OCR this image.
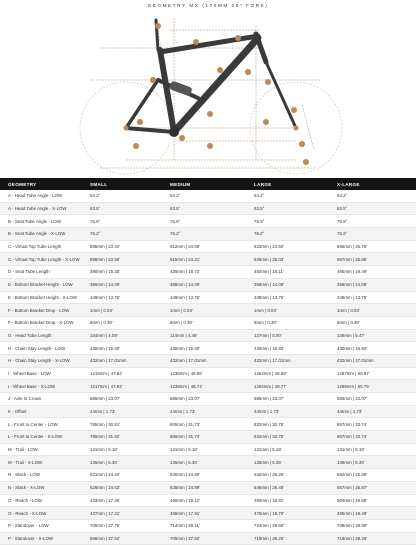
GEOMETRY MX (170MM 29" FORK)
GEOMETRY	SMALL	MEDIUM	LARGE	X-LARGE
A - Head Tube Angle - LOW	64.2°	64.2°	64.2°	64.2°
A - Head Tube Angle - X-LOW	63.5°	63.5°	63.5°	63.5°
B - Seat Tube Angle - LOW	76.9°	76.9°	76.9°	76.9°
B - Seat Tube Angle - X-LOW	76.2°	76.2°	76.2°	76.2°
C - Virtual Top Tube Length	595mm | 23.44'	612mm | 24.09'	633mm | 24.92'	656mm | 25.76'
C - Virtual Top Tube Length - X-LOW	598mm | 23.55'	615mm | 24.21'	636mm | 25.03'	657mm | 25.86'
D - Seat Tube Length	390mm | 15.35'	425mm | 16.73'	460mm | 18.11'	495mm | 19.49'
E - Bottom Bracket Height - LOW	356mm | 14.09'	358mm | 14.09'	358mm | 14.09'	358mm | 14.09'
E - Bottom Bracket Height - X-LOW	349mm | 13.75'	349mm | 13.75'	349mm | 13.75'	349mm | 13.75'
F - Bottom Bracket Drop - LOW	1mm | 0.04'	1mm | 0.04'	1mm | 0.04'	1mm | 0.04'
F - Bottom Bracket Drop - X-LOW	8mm | 0.30'	8mm | 0.30'	8mm | 0.30'	8mm | 0.30'
G - Head Tube Length	104mm | 4.09'	114mm | 4.49'	127mm | 5.00'	139mm | 5.47'
H - Chain Stay Length - LOW	430mm | 16.93'	430mm | 16.93'	430mm | 16.93'	430mm | 16.93'
H - Chain Stay Length - X-LOW	432mm | 17.01mm	432mm | 17.01mm	432mm | 17.01mm	432mm | 17.01mm
I - Wheel Base - LOW	1215mm | 47.84'	1236mm | 48.66'	1262mm | 49.69'	1287mm | 50.67'
I - Wheel Base - X-LOW	1217mm | 47.92'	1238mm | 48.74'	1264mm | 49.77'	1289mm | 50.75'
J - Axle to Crown	586mm | 23.07'	586mm | 23.07'	586mm | 23.07'	586mm | 23.07'
K - Offset	44mm | 1.73'	44mm | 1.73'	44mm | 1.73'	44mm | 1.73'
L - Front to Center - LOW	785mm | 30.91'	806mm | 31.73'	832mm | 32.75'	857mm | 33.74'
L - Front to Center - X-LOW	785mm | 31.91'	806mm | 31.74'	832mm | 32.75'	857mm | 33.74'
M - Trail - LOW	131mm | 5.18'	131mm | 5.18'	131mm | 5.18'	131mm | 5.18'
M - Trail - X-LOW	136mm | 5.36'	136mm | 5.36'	136mm | 5.36'	136mm | 5.36'
N - Stack - LOW	621mm | 24.44'	630mm | 24.80'	642mm | 25.26'	652mm | 25.69'
N - Stack - X-LOW	626mm | 24.63'	635mm | 24.99'	646mm | 25.45'	657mm | 25.87'
O - Reach - LOW	443mm | 17.45'	460mm | 18.12'	480mm | 18.91'	500mm | 19.69'
O - Reach - X-LOW	437mm | 17.21'	455mm | 17.91'	475mm | 18.70'	495mm | 19.49'
P - Standover - LOW	705mm | 27.75'	714mm | 28.11'	724mm | 28.50'	736mm | 28.99'
P - Standover - X-LOW	699mm | 27.54'	709mm | 27.93'	718mm | 28.25'	718mm | 28.25'
